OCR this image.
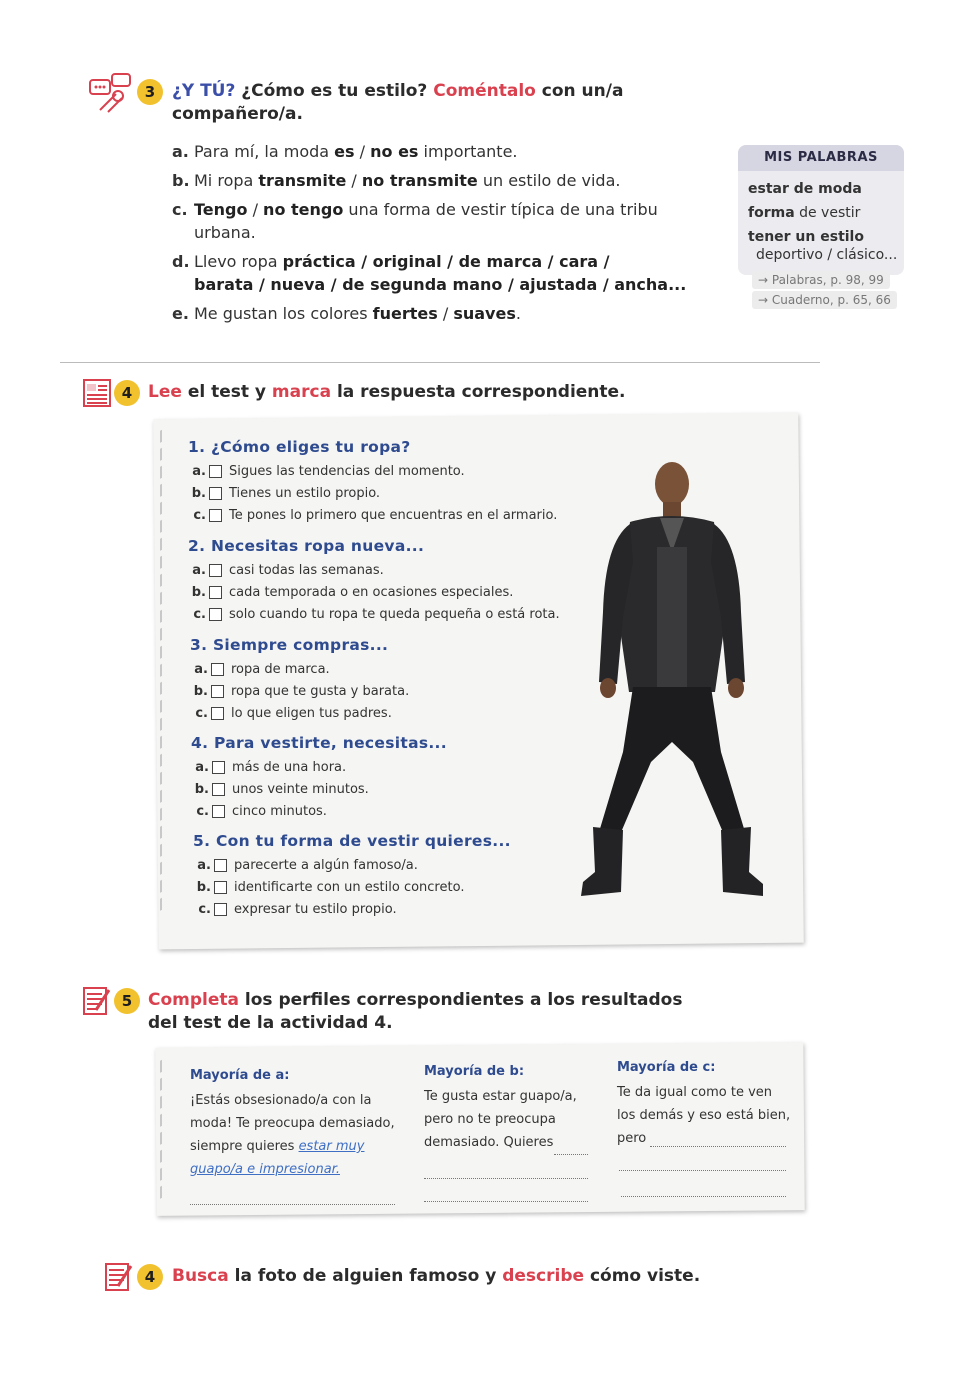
3 ¿Y TÚ? ¿Cómo es tu estilo? Coméntalo con un/a
compañero/a.
a. Para mí, la moda es / no es importante.
b. Mi ropa transmite / no transmite un estilo de vida.
c. Tengo / no tengo una forma de vestir típica de una tribu
urbana.
d. Llevo ropa práctica / original / de marca / cara /
barata / nueva / de segunda mano / ajustada / ancha...
e. Me gustan los colores fuertes / suaves.
MIS PALABRAS
estar de moda
forma de vestir
tener un estilo
deportivo / clásico...
→ Palabras, p. 98, 99
→ Cuaderno, p. 65, 66
4 Lee el test y marca la respuesta correspondiente.
1. ¿Cómo eliges tu ropa?
a. Sigues las tendencias del momento.
b. Tienes un estilo propio.
c. Te pones lo primero que encuentras en el armario.
2. Necesitas ropa nueva...
a. casi todas las semanas.
b. cada temporada o en ocasiones especiales.
c. solo cuando tu ropa te queda pequeña o está rota.
3. Siempre compras...
a. ropa de marca.
b. ropa que te gusta y barata.
c. lo que eligen tus padres.
4. Para vestirte, necesitas...
a. más de una hora.
b. unos veinte minutos.
c. cinco minutos.
5. Con tu forma de vestir quieres...
a. parecerte a algún famoso/a.
b. identificarte con un estilo concreto.
c. expresar tu estilo propio.
5 Completa los perfiles correspondientes a los resultados
del test de la actividad 4.
Mayoría de a:
¡Estás obsesionado/a con la
moda! Te preocupa demasiado,
siempre quieres estar muy
guapo/a e impresionar.
Mayoría de b:
Te gusta estar guapo/a,
pero no te preocupa
demasiado. Quieres
Mayoría de c:
Te da igual como te ven
los demás y eso está bien,
pero
4 Busca la foto de alguien famoso y describe cómo viste.
